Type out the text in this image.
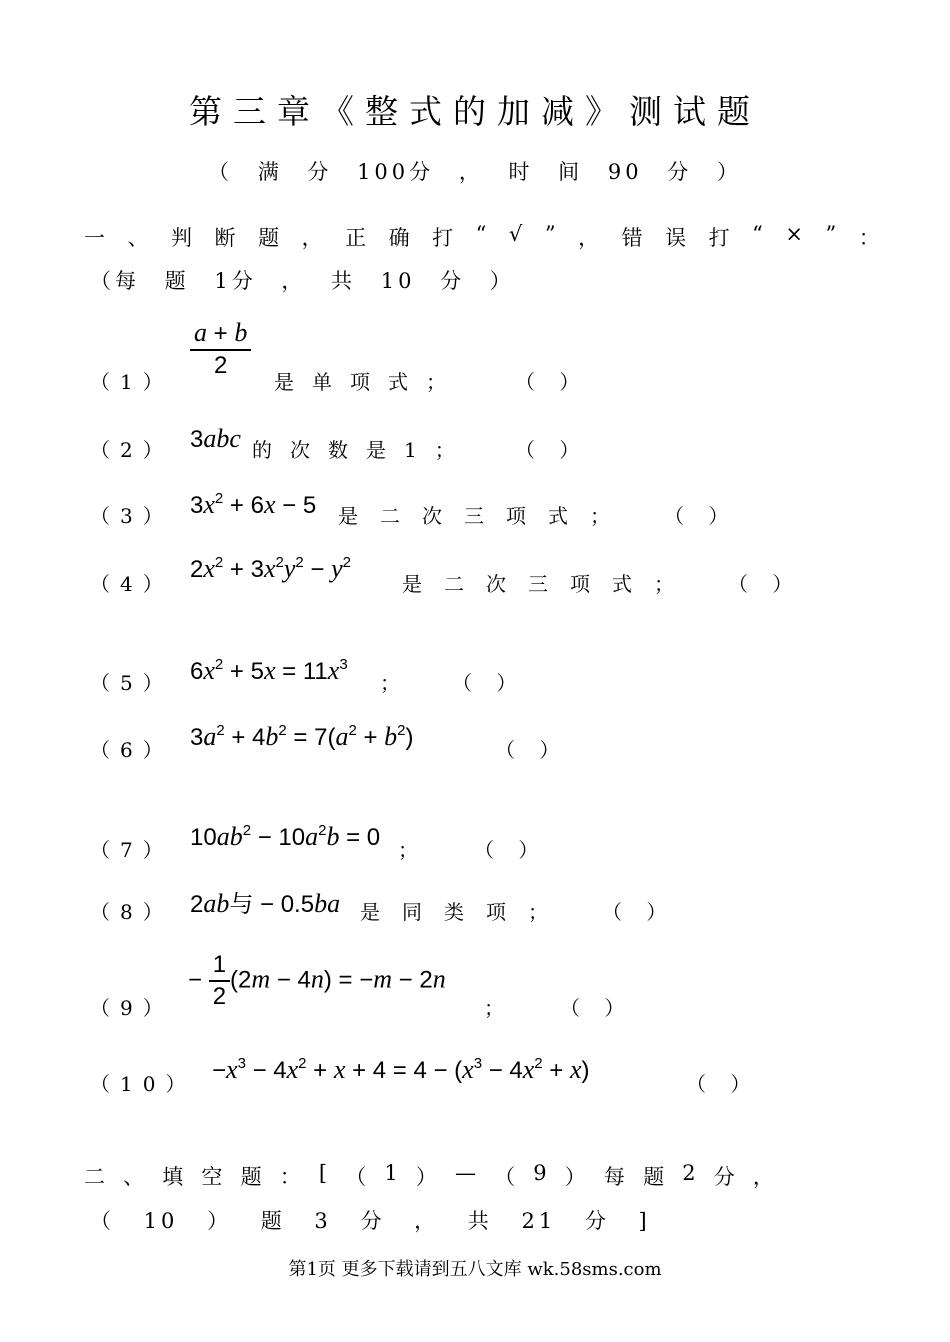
第三章《整式的加减》测试题
（ 满 分 100分 ， 时 间 90 分 ）
一 、 判 断 题 ， 正 确 打 “ √ ” ， 错 误 打 “ × ” ：
（每 题 1分 ， 共 10 分 ）
（1）
$\frac{a + b}{2}$
是单项式；	（ ）
（2） 3abc 的次数是1； （ ）
（3） $3x^2 + 6x - 5$ 是二次三项式； （ ）
（4）
$2x^2 + 3x^2y^2 - y^2$
是二次三项式； （ ）
（5） $6x^2 + 5x = 11x^3$
； （ ）
（6） $3a^2 + 4b^2 = 7(a^2 + b^2)$	（ ）
（7） $10ab^2 - 10a^2b = 0$ ； （ ）
（8） 2ab与 − 0.5ba 是同类项； （ ）
（9）
− $\frac{1}{2} (2m - 4n) = -m - 2n$
； （ ）
$(10) -x^3 - 4x^2 + x + 4 = 4 - (x^3 - 4x^2 + x)$	（ ）
二 、 填 空 题 ： [ （ 1 ） — （ 9 ） 每 题 2 分 ，
（ 10 ） 题 3 分 ， 共 21 分 ]
第1页 更多下载请到五八文库 wk.58sms.com
